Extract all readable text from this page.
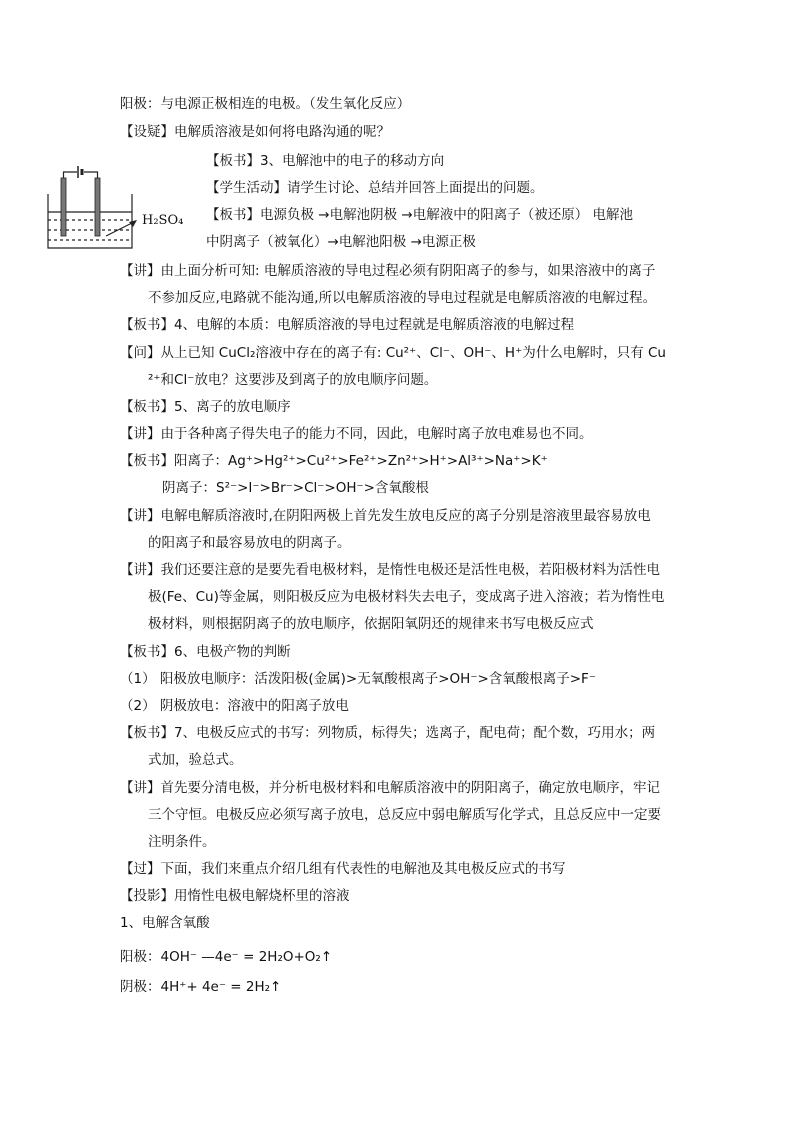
阳极：与电源正极相连的电极。（发生氧化反应）
【设疑】电解质溶液是如何将电路沟通的呢？
【板书】3、电解池中的电子的移动方向
【学生活动】请学生讨论、总结并回答上面提出的问题。
【板书】电源负极 →电解池阴极 →电解液中的阳离子（被还原） 电解池
中阴离子（被氧化）→电解池阳极 →电源正极
H₂SO₄
【讲】由上面分析可知: 电解质溶液的导电过程必须有阴阳离子的参与，如果溶液中的离子
不参加反应,电路就不能沟通,所以电解质溶液的导电过程就是电解质溶液的电解过程。
【板书】4、电解的本质：电解质溶液的导电过程就是电解质溶液的电解过程
【问】从上已知 CuCl₂溶液中存在的离子有: Cu²⁺、Cl⁻、OH⁻、H⁺为什么电解时，只有 Cu
²⁺和Cl⁻放电？这要涉及到离子的放电顺序问题。
【板书】5、离子的放电顺序
【讲】由于各种离子得失电子的能力不同，因此，电解时离子放电难易也不同。
【板书】阳离子：Ag⁺>Hg²⁺>Cu²⁺>Fe²⁺>Zn²⁺>H⁺>Al³⁺>Na⁺>K⁺
阴离子：S²⁻>I⁻>Br⁻>Cl⁻>OH⁻>含氧酸根
【讲】电解电解质溶液时,在阴阳两极上首先发生放电反应的离子分别是溶液里最容易放电
的阳离子和最容易放电的阴离子。
【讲】我们还要注意的是要先看电极材料，是惰性电极还是活性电极，若阳极材料为活性电
极(Fe、Cu)等金属，则阳极反应为电极材料失去电子，变成离子进入溶液；若为惰性电
极材料，则根据阴离子的放电顺序，依据阳氧阴还的规律来书写电极反应式
【板书】6、电极产物的判断
（1） 阳极放电顺序：活泼阳极(金属)>无氧酸根离子>OH⁻>含氧酸根离子>F⁻
（2） 阴极放电：溶液中的阳离子放电
【板书】7、电极反应式的书写：列物质，标得失；选离子，配电荷；配个数，巧用水；两
式加，验总式。
【讲】首先要分清电极，并分析电极材料和电解质溶液中的阴阳离子，确定放电顺序，牢记
三个守恒。电极反应必须写离子放电，总反应中弱电解质写化学式，且总反应中一定要
注明条件。
【过】下面，我们来重点介绍几组有代表性的电解池及其电极反应式的书写
【投影】用惰性电极电解烧杯里的溶液
1、电解含氧酸
阳极：4OH⁻ —4e⁻ = 2H₂O+O₂↑
阴极：4H⁺+ 4e⁻ = 2H₂↑
